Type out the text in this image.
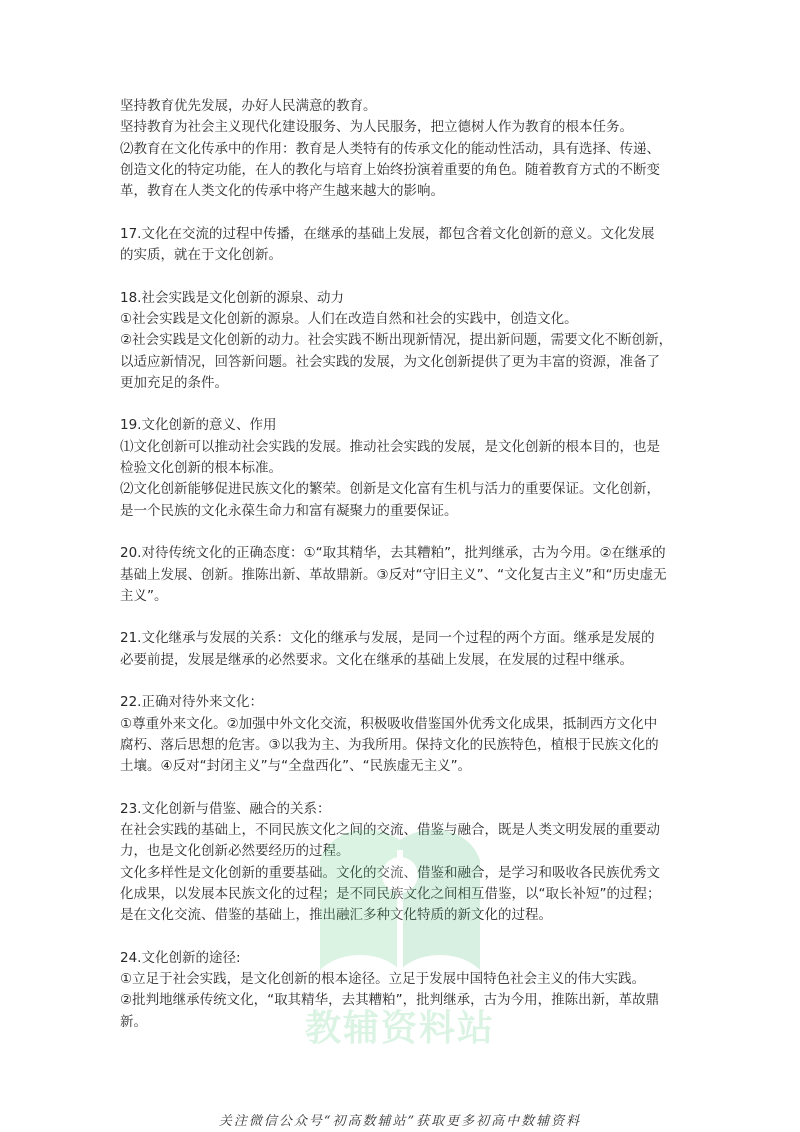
坚持教育优先发展，办好人民满意的教育。
坚持教育为社会主义现代化建设服务、为人民服务，把立德树人作为教育的根本任务。
⑵教育在文化传承中的作用：教育是人类特有的传承文化的能动性活动，具有选择、传递、
创造文化的特定功能，在人的教化与培育上始终扮演着重要的角色。随着教育方式的不断变
革，教育在人类文化的传承中将产生越来越大的影响。
17.文化在交流的过程中传播，在继承的基础上发展，都包含着文化创新的意义。文化发展
的实质，就在于文化创新。
18.社会实践是文化创新的源泉、动力
①社会实践是文化创新的源泉。人们在改造自然和社会的实践中，创造文化。
②社会实践是文化创新的动力。社会实践不断出现新情况，提出新问题，需要文化不断创新，
以适应新情况，回答新问题。社会实践的发展，为文化创新提供了更为丰富的资源，准备了
更加充足的条件。
19.文化创新的意义、作用
⑴文化创新可以推动社会实践的发展。推动社会实践的发展，是文化创新的根本目的，也是
检验文化创新的根本标准。
⑵文化创新能够促进民族文化的繁荣。创新是文化富有生机与活力的重要保证。文化创新，
是一个民族的文化永葆生命力和富有凝聚力的重要保证。
20.对待传统文化的正确态度：①“取其精华，去其糟粕”，批判继承，古为今用。②在继承的
基础上发展、创新。推陈出新、革故鼎新。③反对“守旧主义”、“文化复古主义”和“历史虚无
主义”。
21.文化继承与发展的关系：文化的继承与发展，是同一个过程的两个方面。继承是发展的
必要前提，发展是继承的必然要求。文化在继承的基础上发展，在发展的过程中继承。
22.正确对待外来文化：
①尊重外来文化。②加强中外文化交流，积极吸收借鉴国外优秀文化成果，抵制西方文化中
腐朽、落后思想的危害。③以我为主、为我所用。保持文化的民族特色，植根于民族文化的
土壤。④反对“封闭主义”与“全盘西化”、“民族虚无主义”。
23.文化创新与借鉴、融合的关系：
在社会实践的基础上，不同民族文化之间的交流、借鉴与融合，既是人类文明发展的重要动
力，也是文化创新必然要经历的过程。
文化多样性是文化创新的重要基础。文化的交流、借鉴和融合，是学习和吸收各民族优秀文
化成果，以发展本民族文化的过程；是不同民族文化之间相互借鉴，以“取长补短”的过程；
是在文化交流、借鉴的基础上，推出融汇多种文化特质的新文化的过程。
24.文化创新的途径:
①立足于社会实践，是文化创新的根本途径。立足于发展中国特色社会主义的伟大实践。
②批判地继承传统文化，“取其精华，去其糟粕”，批判继承，古为今用，推陈出新，革故鼎
新。	教辅资料站
关注微信公众号“初高数辅站”获取更多初高中数辅资料
